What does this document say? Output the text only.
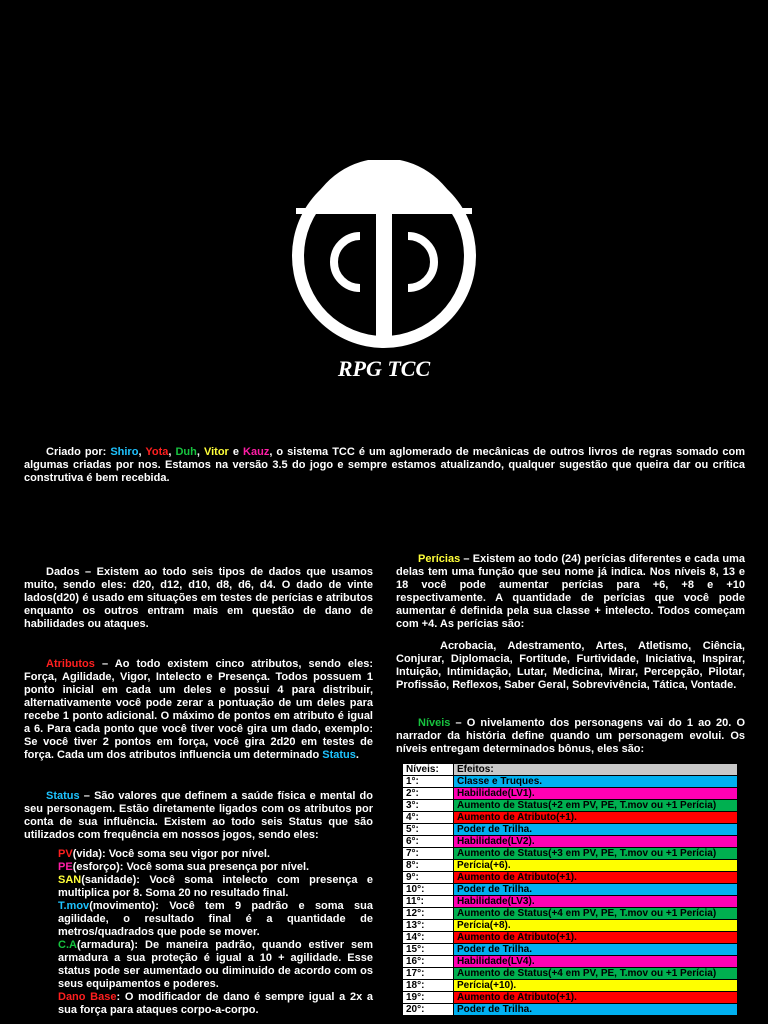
RPG TCC

Criado por: Shiro, Yota, Duh, Vitor e Kauz, o sistema TCC é um aglomerado de mecânicas de outros livros de regras somado com algumas criadas por nos. Estamos na versão 3.5 do jogo e sempre estamos atualizando, qualquer sugestão que queira dar ou crítica construtiva é bem recebida.

Dados – Existem ao todo seis tipos de dados que usamos muito, sendo eles: d20, d12, d10, d8, d6, d4. O dado de vinte lados(d20) é usado em situações em testes de perícias e atributos enquanto os outros entram mais em questão de dano de habilidades ou ataques.

Atributos – Ao todo existem cinco atributos, sendo eles: Força, Agilidade, Vigor, Intelecto e Presença. Todos possuem 1 ponto inicial em cada um deles e possui 4 para distribuir, alternativamente você pode zerar a pontuação de um deles para recebe 1 ponto adicional. O máximo de pontos em atributo é igual a 6. Para cada ponto que você tiver você gira um dado, exemplo: Se você tiver 2 pontos em força, você gira 2d20 em testes de força. Cada um dos atributos influencia um determinado Status.

Status – São valores que definem a saúde física e mental do seu personagem. Estão diretamente ligados com os atributos por conta de sua influência. Existem ao todo seis Status que são utilizados com frequência em nossos jogos, sendo eles:

PV(vida): Você soma seu vigor por nível.

PE(esforço): Você soma sua presença por nível.

SAN(sanidade): Você soma intelecto com presença e multiplica por 8. Soma 20 no resultado final.

T.mov(movimento): Você tem 9 padrão e soma sua agilidade, o resultado final é a quantidade de metros/quadrados que pode se mover.

C.A(armadura): De maneira padrão, quando estiver sem armadura a sua proteção é igual a 10 + agilidade. Esse status pode ser aumentado ou diminuido de acordo com os seus equipamentos e poderes.

Dano Base: O modificador de dano é sempre igual a 2x a sua força para ataques corpo-a-corpo.

Perícias – Existem ao todo (24) perícias diferentes e cada uma delas tem uma função que seu nome já indica. Nos níveis 8, 13 e 18 você pode aumentar perícias para +6, +8 e +10 respectivamente. A quantidade de perícias que você pode aumentar é definida pela sua classe + intelecto. Todos começam com +4. As perícias são:

Acrobacia, Adestramento, Artes, Atletismo, Ciência, Conjurar, Diplomacia, Fortitude, Furtividade, Iniciativa, Inspirar, Intuição, Intimidação, Lutar, Medicina, Mirar, Percepção, Pilotar, Profissão, Reflexos, Saber Geral, Sobrevivência, Tática, Vontade.

Níveis – O nivelamento dos personagens vai do 1 ao 20. O narrador da história define quando um personagem evolui. Os níveis entregam determinados bônus, eles são:

Níveis:	Efeitos:
1°:	Classe e Truques.
2°:	Habilidade(LV1).
3°:	Aumento de Status(+2 em PV, PE, T.mov ou +1 Perícia)
4°:	Aumento de Atributo(+1).
5°:	Poder de Trilha.
6°:	Habilidade(LV2).
7°:	Aumento de Status(+3 em PV, PE, T.mov ou +1 Perícia)
8°:	Perícia(+6).
9°:	Aumento de Atributo(+1).
10°:	Poder de Trilha.
11°:	Habilidade(LV3).
12°:	Aumento de Status(+4 em PV, PE, T.mov ou +1 Perícia)
13°:	Perícia(+8).
14°:	Aumento de Atributo(+1).
15°:	Poder de Trilha.
16°:	Habilidade(LV4).
17°:	Aumento de Status(+4 em PV, PE, T.mov ou +1 Perícia)
18°:	Perícia(+10).
19°:	Aumento de Atributo(+1).
20°:	Poder de Trilha.
